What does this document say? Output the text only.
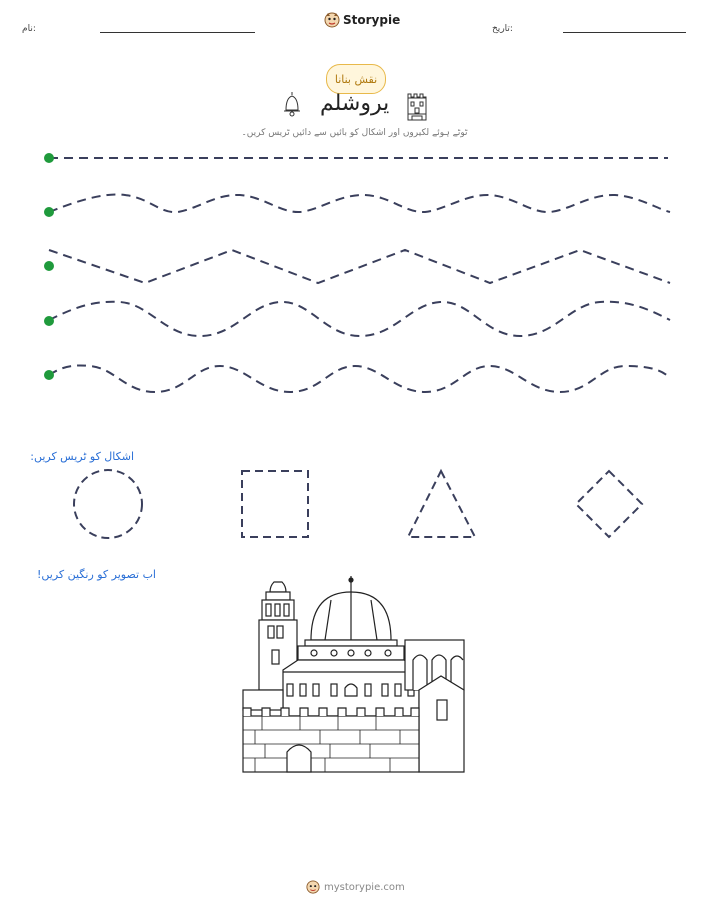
نام:
Storypie
تاریخ:
نقش بنانا
یروشلم
ٹوٹے ہوئے لکیروں اور اشکال کو بائیں سے دائیں ٹریس کریں۔
اشکال کو ٹریس کریں:
اب تصویر کو رنگین کریں!
mystorypie.com
